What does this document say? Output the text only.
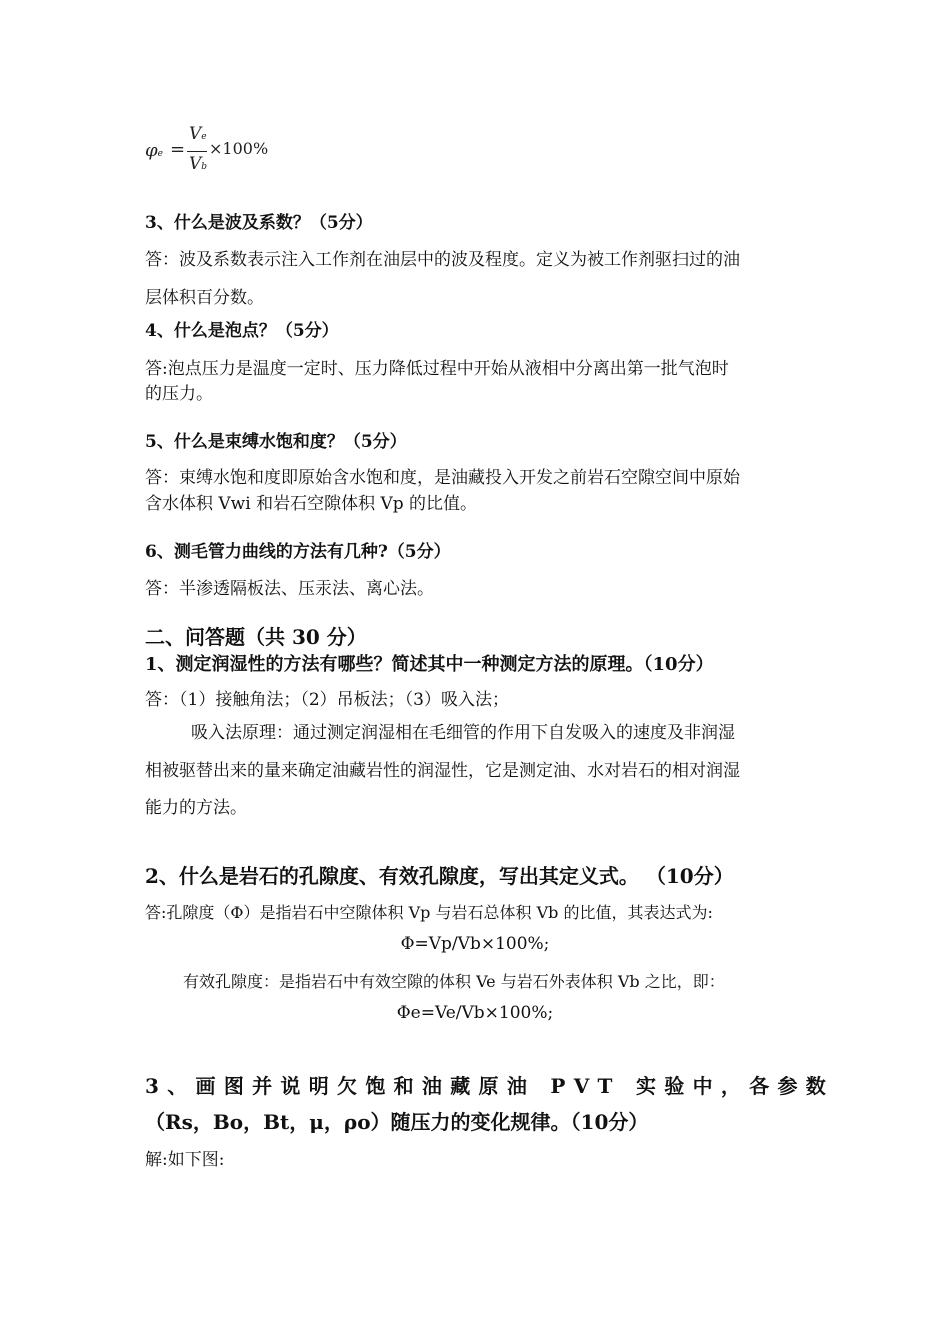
φe =
Ve
Vb
×100%
3、什么是波及系数？（5分）
答：波及系数表示注入工作剂在油层中的波及程度。定义为被工作剂驱扫过的油
层体积百分数。
4、什么是泡点？（5分）
答:泡点压力是温度一定时、压力降低过程中开始从液相中分离出第一批气泡时
的压力。
5、什么是束缚水饱和度？（5分）
答：束缚水饱和度即原始含水饱和度，是油藏投入开发之前岩石空隙空间中原始
含水体积 Vwi 和岩石空隙体积 Vp 的比值。
6、测毛管力曲线的方法有几种?（5分）
答：半渗透隔板法、压汞法、离心法。
二、问答题（共 30 分）
1、测定润湿性的方法有哪些？简述其中一种测定方法的原理。（10分）
答：（1）接触角法；（2）吊板法；（3）吸入法；
吸入法原理：通过测定润湿相在毛细管的作用下自发吸入的速度及非润湿
相被驱替出来的量来确定油藏岩性的润湿性，它是测定油、水对岩石的相对润湿
能力的方法。
2、什么是岩石的孔隙度、有效孔隙度，写出其定义式。 （10分）
答:孔隙度（Φ）是指岩石中空隙体积 Vp 与岩石总体积 Vb 的比值，其表达式为:
Φ=Vp/Vb×100%;
有效孔隙度：是指岩石中有效空隙的体积 Ve 与岩石外表体积 Vb 之比，即：
Φe=Ve/Vb×100%;
3、画图并说明欠饱和油藏原油 PVT 实验中，各参数
（Rs，Bo，Bt，μ，ρo）随压力的变化规律。（10分）
解:如下图:
